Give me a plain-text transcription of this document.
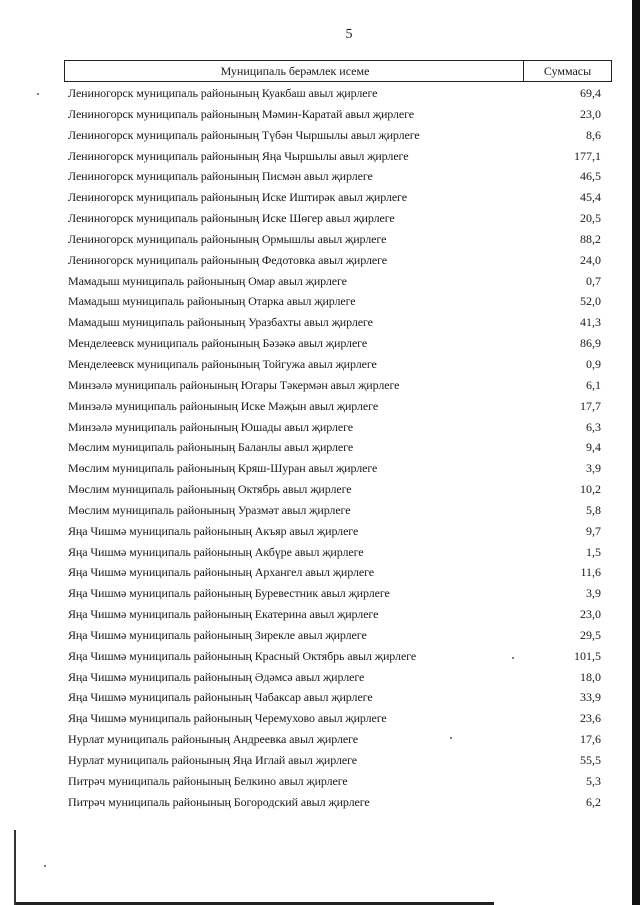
5
Муниципаль берәмлек исеме	Суммасы
Лениногорск муниципаль районының Куакбаш авыл җирлеге	69,4
Лениногорск муниципаль районының Мәмин-Каратай авыл җирлеге	23,0
Лениногорск муниципаль районының Түбән Чыршылы авыл җирлеге	8,6
Лениногорск муниципаль районының Яңа Чыршылы авыл җирлеге	177,1
Лениногорск муниципаль районының Писмән авыл җирлеге	46,5
Лениногорск муниципаль районының Иске Иштирәк авыл җирлеге	45,4
Лениногорск муниципаль районының Иске Шөгер авыл җирлеге	20,5
Лениногорск муниципаль районының Ормышлы авыл җирлеге	88,2
Лениногорск муниципаль районының Федотовка авыл җирлеге	24,0
Мамадыш муниципаль районының Омар авыл җирлеге	0,7
Мамадыш муниципаль районының Отарка авыл җирлеге	52,0
Мамадыш муниципаль районының Уразбахты авыл җирлеге	41,3
Менделеевск муниципаль районының Бәзәкә авыл җирлеге	86,9
Менделеевск муниципаль районының Тойгужа авыл җирлеге	0,9
Минзәлә муниципаль районының Югары Тәкермән авыл җирлеге	6,1
Минзәлә муниципаль районының Иске Мәҗын авыл җирлеге	17,7
Минзәлә муниципаль районының Юшады авыл җирлеге	6,3
Мөслим муниципаль районының Баланлы авыл җирлеге	9,4
Мөслим муниципаль районының Кряш-Шуран авыл җирлеге	3,9
Мөслим муниципаль районының Октябрь авыл җирлеге	10,2
Мөслим муниципаль районының Уразмәт авыл җирлеге	5,8
Яңа Чишмә муниципаль районының Акъяр авыл җирлеге	9,7
Яңа Чишмә муниципаль районының Акбүре авыл җирлеге	1,5
Яңа Чишмә муниципаль районының Архангел авыл җирлеге	11,6
Яңа Чишмә муниципаль районының Буревестник авыл җирлеге	3,9
Яңа Чишмә муниципаль районының Екатерина авыл җирлеге	23,0
Яңа Чишмә муниципаль районының Зирекле авыл җирлеге	29,5
Яңа Чишмә муниципаль районының Красный Октябрь авыл җирлеге	101,5
Яңа Чишмә муниципаль районының Әдәмсә авыл җирлеге	18,0
Яңа Чишмә муниципаль районының Чабаксар авыл җирлеге	33,9
Яңа Чишмә муниципаль районының Черемухово авыл җирлеге	23,6
Нурлат муниципаль районының Андреевка авыл җирлеге	17,6
Нурлат муниципаль районының Яңа Иглай авыл җирлеге	55,5
Питрәч муниципаль районының Белкино авыл җирлеге	5,3
Питрәч муниципаль районының Богородский авыл җирлеге	6,2
